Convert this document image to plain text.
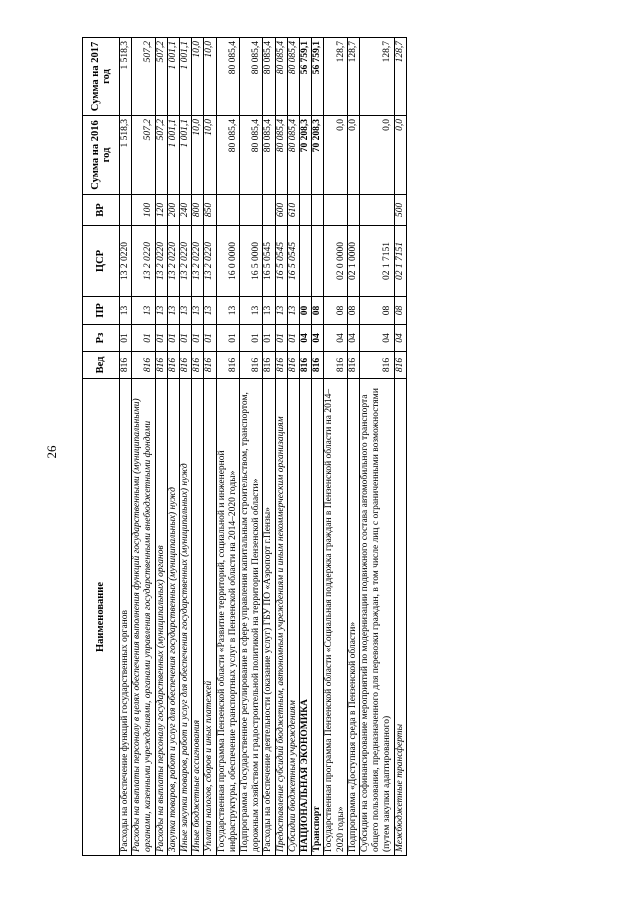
26
Наименование	Вед	Рз	ПР	ЦСР	ВР	Сумма на 2016 год	Сумма на 2017 год
Расходы на обеспечение функций государственных органов	816	01	13	13 2 0220		1 518,3	1 518,3
Расходы на выплаты персоналу в целях обеспечения выполнения функций государственными (муниципальными) органами, казенными учреждениями, органами управления государственными внебюджетными фондами	816	01	13	13 2 0220	100	507,2	507,2
Расходы на выплаты персоналу государственных (муниципальных) органов	816	01	13	13 2 0220	120	507,2	507,2
Закупка товаров, работ и услуг для обеспечения государственных (муниципальных) нужд	816	01	13	13 2 0220	200	1 001,1	1 001,1
Иные закупки товаров, работ и услуг для обеспечения государственных (муниципальных) нужд	816	01	13	13 2 0220	240	1 001,1	1 001,1
Иные бюджетные ассигнования	816	01	13	13 2 0220	800	10,0	10,0
Уплата налогов, сборов и иных платежей	816	01	13	13 2 0220	850	10,0	10,0
Государственная программа Пензенской области «Развитие территорий, социальной и инженерной инфраструктуры, обеспечение транспортных услуг в Пензенской области на 2014–2020 годы»	816	01	13	16 0 0000		80 085,4	80 085,4
Подпрограмма «Государственное регулирование в сфере управления капитальным строительством, транспортом, дорожным хозяйством и градостроительной политикой на территории Пензенской области»	816	01	13	16 5 0000		80 085,4	80 085,4
Расходы на обеспечение деятельности (оказание услуг) ГБУ ПО «Аэропорт г.Пензы»	816	01	13	16 5 0545		80 085,4	80 085,4
Предоставление субсидий бюджетным, автономным учреждениям и иным некоммерческим организациям	816	01	13	16 5 0545	600	80 085,4	80 085,4
Субсидии бюджетным учреждениям	816	01	13	16 5 0545	610	80 085,4	80 085,4
НАЦИОНАЛЬНАЯ ЭКОНОМИКА	816	04	00			70 208,3	56 759,1
Транспорт	816	04	08			70 208,3	56 759,1
Государственная программа Пензенской области «Социальная поддержка граждан в Пензенской области на 2014–2020 годы»	816	04	08	02 0 0000		0,0	128,7
Подпрограмма «Доступная среда в Пензенской области»	816	04	08	02 1 0000		0,0	128,7
Субсидии на софинансирование мероприятий по модернизации подвижного состава автомобильного транспорта общего пользования, предназначенного для перевозки граждан, в том числе лиц с ограниченными возможностями (путем закупки адаптированного)	816	04	08	02 1 7151		0,0	128,7
Межбюджетные трансферты	816	04	08	02 1 7151	500	0,0	128,7
